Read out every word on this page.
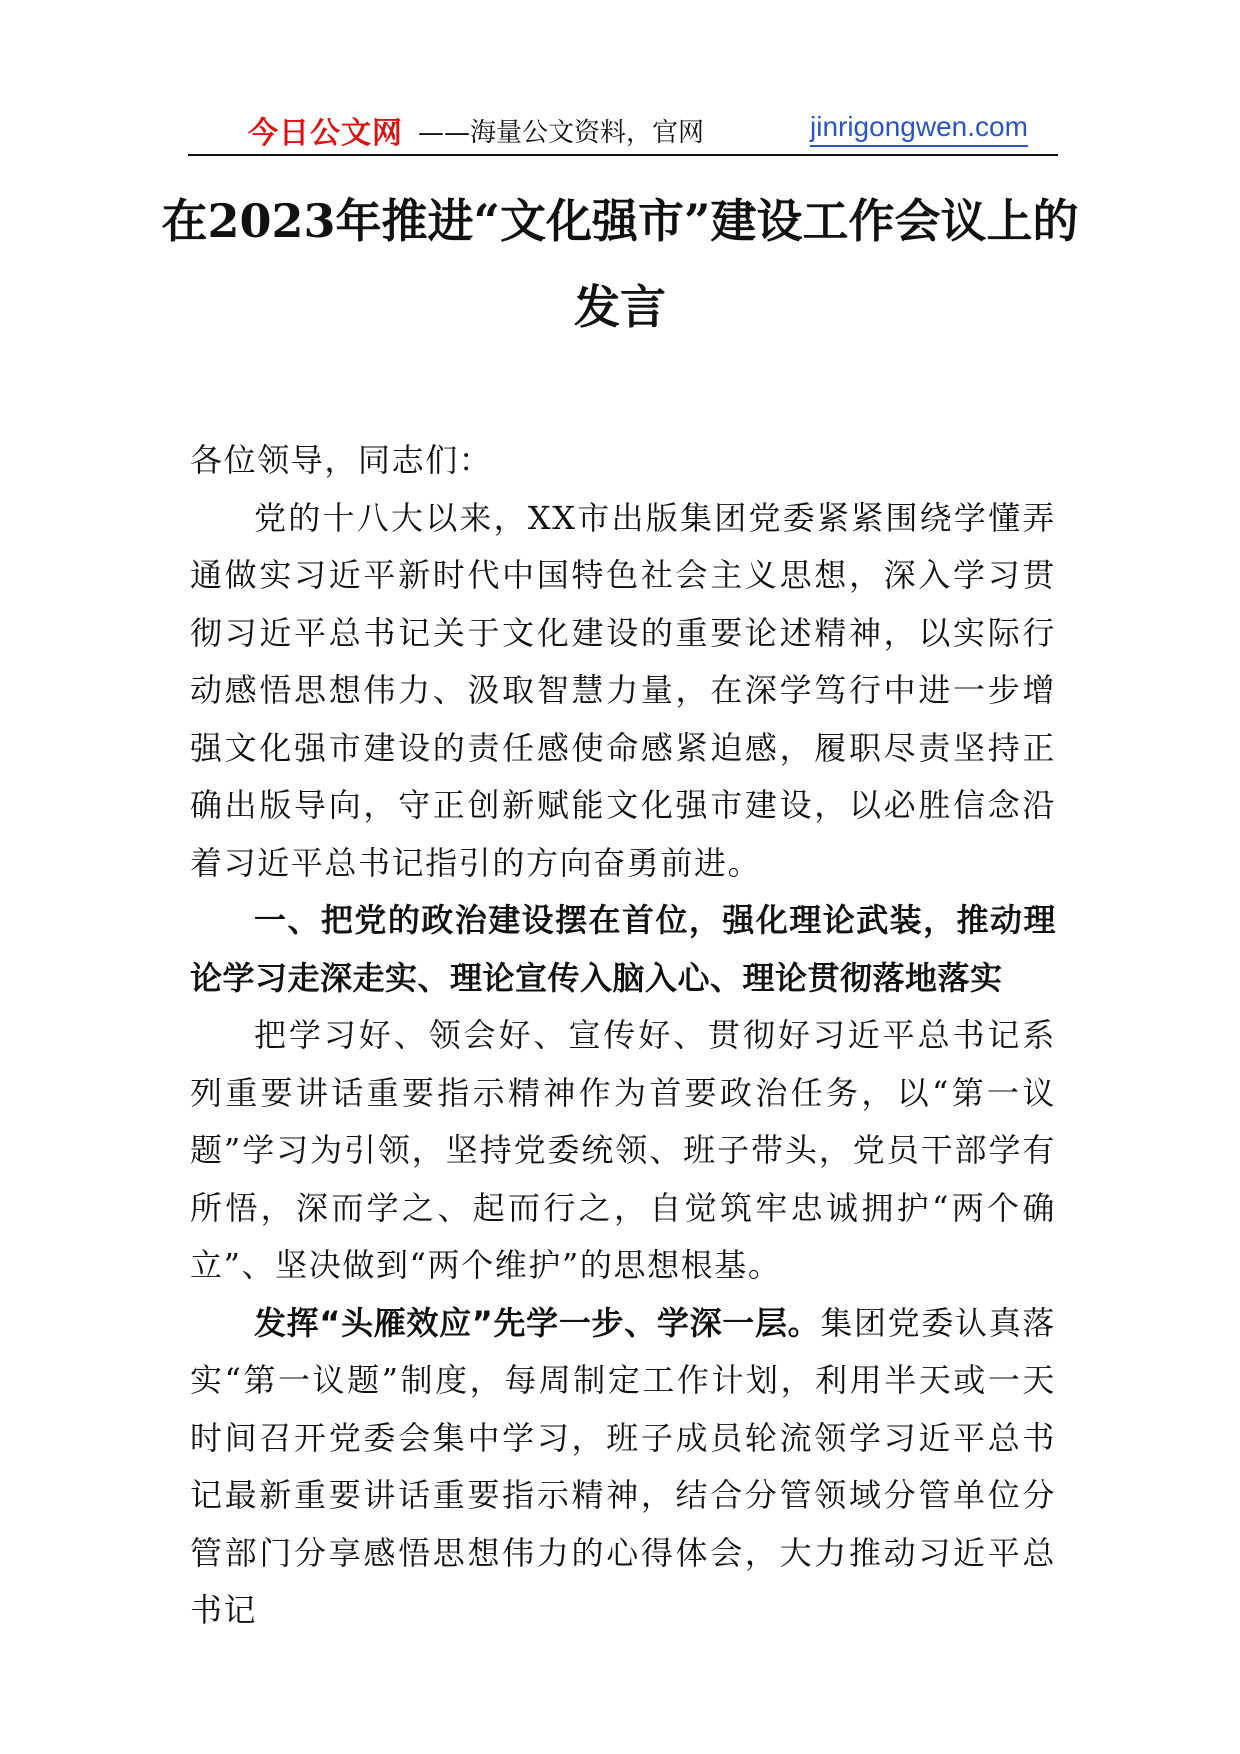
今日公文网 ——海量公文资料，官网	jinrigongwen.com
在2023年推进“文化强市”建设工作会议上的发言

各位领导，同志们：

党的十八大以来，XX市出版集团党委紧紧围绕学懂弄通做实习近平新时代中国特色社会主义思想，深入学习贯彻习近平总书记关于文化建设的重要论述精神，以实际行动感悟思想伟力、汲取智慧力量，在深学笃行中进一步增强文化强市建设的责任感使命感紧迫感，履职尽责坚持正确出版导向，守正创新赋能文化强市建设，以必胜信念沿着习近平总书记指引的方向奋勇前进。

一、把党的政治建设摆在首位，强化理论武装，推动理论学习走深走实、理论宣传入脑入心、理论贯彻落地落实

把学习好、领会好、宣传好、贯彻好习近平总书记系列重要讲话重要指示精神作为首要政治任务，以“第一议题”学习为引领，坚持党委统领、班子带头，党员干部学有所悟，深而学之、起而行之，自觉筑牢忠诚拥护“两个确立”、坚决做到“两个维护”的思想根基。

发挥“头雁效应”先学一步、学深一层。集团党委认真落实“第一议题”制度，每周制定工作计划，利用半天或一天时间召开党委会集中学习，班子成员轮流领学习近平总书记最新重要讲话重要指示精神，结合分管领域分管单位分管部门分享感悟思想伟力的心得体会，大力推动习近平总书记
